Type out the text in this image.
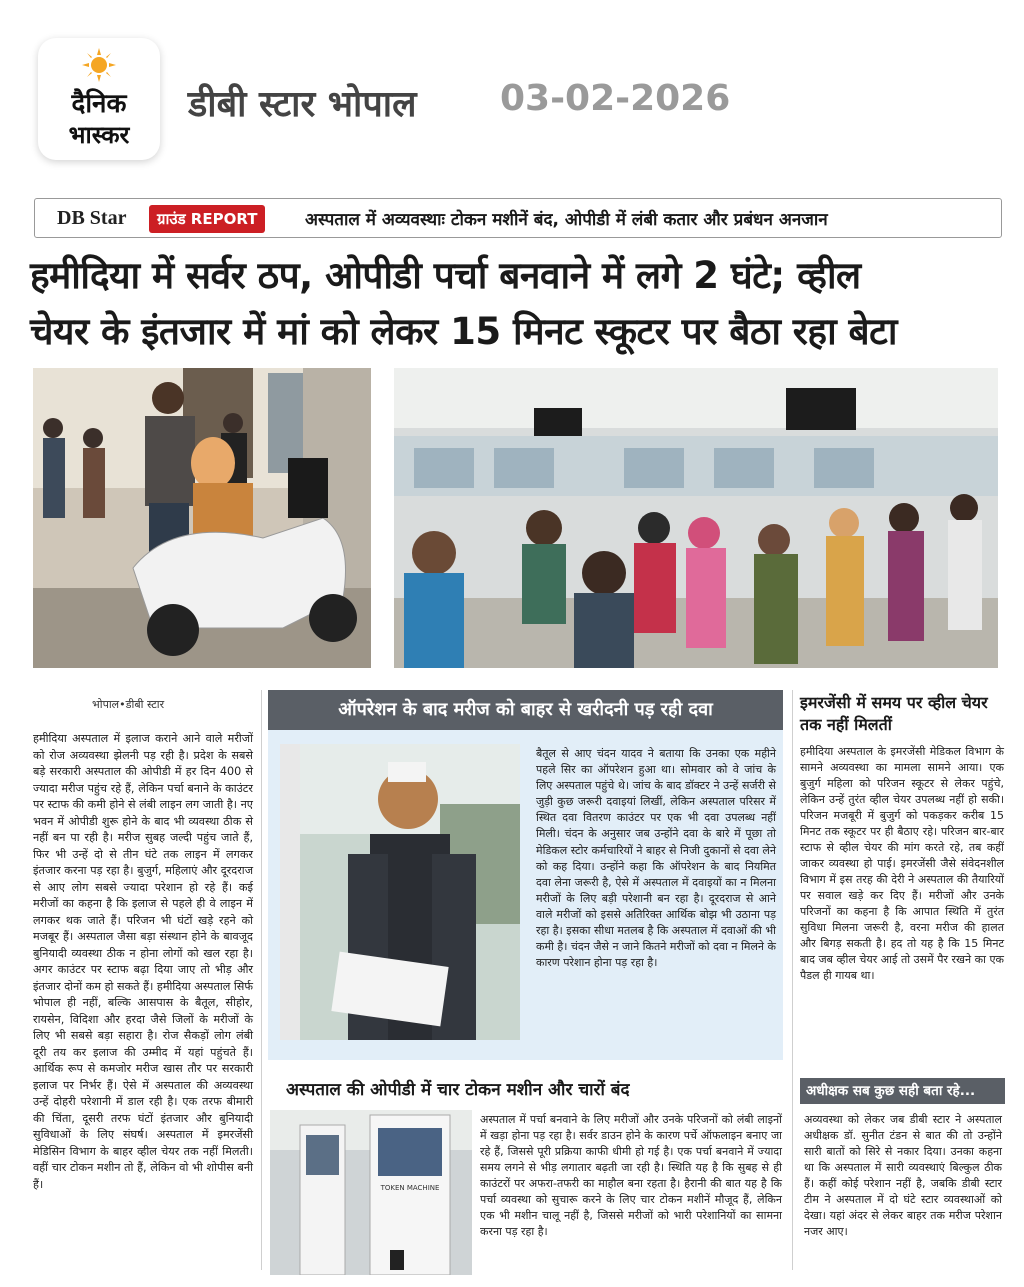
दैनिक
भास्कर
डीबी स्टार भोपाल 03-02-2026
DB Star	ग्राउंड REPORT	अस्पताल में अव्यवस्थाः टोकन मशीनें बंद, ओपीडी में लंबी कतार और प्रबंधन अनजान
हमीदिया में सर्वर ठप, ओपीडी पर्चा बनवाने में लगे 2 घंटे; व्हील
चेयर के इंतजार में मां को लेकर 15 मिनट स्कूटर पर बैठा रहा बेटा
भोपाल•डीबी स्टार
हमीदिया अस्पताल में इलाज कराने आने वाले मरीजों को रोज अव्यवस्था झेलनी पड़ रही है। प्रदेश के सबसे बड़े सरकारी अस्पताल की ओपीडी में हर दिन 400 से ज्यादा मरीज पहुंच रहे हैं, लेकिन पर्चा बनाने के काउंटर पर स्टाफ की कमी होने से लंबी लाइन लग जाती है। नए भवन में ओपीडी शुरू होने के बाद भी व्यवस्था ठीक से नहीं बन पा रही है। मरीज सुबह जल्दी पहुंच जाते हैं, फिर भी उन्हें दो से तीन घंटे तक लाइन में लगकर इंतजार करना पड़ रहा है। बुजुर्ग, महिलाएं और दूरदराज से आए लोग सबसे ज्यादा परेशान हो रहे हैं। कई मरीजों का कहना है कि इलाज से पहले ही वे लाइन में लगकर थक जाते हैं। परिजन भी घंटों खड़े रहने को मजबूर हैं। अस्पताल जैसा बड़ा संस्थान होने के बावजूद बुनियादी व्यवस्था ठीक न होना लोगों को खल रहा है। अगर काउंटर पर स्टाफ बढ़ा दिया जाए तो भीड़ और इंतजार दोनों कम हो सकते हैं। हमीदिया अस्पताल सिर्फ भोपाल ही नहीं, बल्कि आसपास के बैतूल, सीहोर, रायसेन, विदिशा और हरदा जैसे जिलों के मरीजों के लिए भी सबसे बड़ा सहारा है। रोज सैकड़ों लोग लंबी दूरी तय कर इलाज की उम्मीद में यहां पहुंचते हैं। आर्थिक रूप से कमजोर मरीज खास तौर पर सरकारी इलाज पर निर्भर हैं। ऐसे में अस्पताल की अव्यवस्था उन्हें दोहरी परेशानी में डाल रही है। एक तरफ बीमारी की चिंता, दूसरी तरफ घंटों इंतजार और बुनियादी सुविधाओं के लिए संघर्ष। अस्पताल में इमरजेंसी मेडिसिन विभाग के बाहर व्हील चेयर तक नहीं मिलती। वहीं चार टोकन मशीन तो हैं, लेकिन वो भी शोपीस बनी हैं।
ऑपरेशन के बाद मरीज को बाहर से खरीदनी पड़ रही दवा
बैतूल से आए चंदन यादव ने बताया कि उनका एक महीने पहले सिर का ऑपरेशन हुआ था। सोमवार को वे जांच के लिए अस्पताल पहुंचे थे। जांच के बाद डॉक्टर ने उन्हें सर्जरी से जुड़ी कुछ जरूरी दवाइयां लिखीं, लेकिन अस्पताल परिसर में स्थित दवा वितरण काउंटर पर एक भी दवा उपलब्ध नहीं मिली। चंदन के अनुसार जब उन्होंने दवा के बारे में पूछा तो मेडिकल स्टोर कर्मचारियों ने बाहर से निजी दुकानों से दवा लेने को कह दिया। उन्होंने कहा कि ऑपरेशन के बाद नियमित दवा लेना जरूरी है, ऐसे में अस्पताल में दवाइयों का न मिलना मरीजों के लिए बड़ी परेशानी बन रहा है। दूरदराज से आने वाले मरीजों को इससे अतिरिक्त आर्थिक बोझ भी उठाना पड़ रहा है। इसका सीधा मतलब है कि अस्पताल में दवाओं की भी कमी है। चंदन जैसे न जाने कितने मरीजों को दवा न मिलने के कारण परेशान होना पड़ रहा है।
इमरजेंसी में समय पर व्हील चेयर तक नहीं मिलतीं
हमीदिया अस्पताल के इमरजेंसी मेडिकल विभाग के सामने अव्यवस्था का मामला सामने आया। एक बुजुर्ग महिला को परिजन स्कूटर से लेकर पहुंचे, लेकिन उन्हें तुरंत व्हील चेयर उपलब्ध नहीं हो सकी। परिजन मजबूरी में बुजुर्ग को पकड़कर करीब 15 मिनट तक स्कूटर पर ही बैठाए रहे। परिजन बार-बार स्टाफ से व्हील चेयर की मांग करते रहे, तब कहीं जाकर व्यवस्था हो पाई। इमरजेंसी जैसे संवेदनशील विभाग में इस तरह की देरी ने अस्पताल की तैयारियों पर सवाल खड़े कर दिए हैं। मरीजों और उनके परिजनों का कहना है कि आपात स्थिति में तुरंत सुविधा मिलना जरूरी है, वरना मरीज की हालत और बिगड़ सकती है। हद तो यह है कि 15 मिनट बाद जब व्हील चेयर आई तो उसमें पैर रखने का एक पैडल ही गायब था।
अस्पताल की ओपीडी में चार टोकन मशीन और चारों बंद
TOKEN MACHINE
अस्पताल में पर्चा बनवाने के लिए मरीजों और उनके परिजनों को लंबी लाइनों में खड़ा होना पड़ रहा है। सर्वर डाउन होने के कारण पर्चे ऑफलाइन बनाए जा रहे हैं, जिससे पूरी प्रक्रिया काफी धीमी हो गई है। एक पर्चा बनवाने में ज्यादा समय लगने से भीड़ लगातार बढ़ती जा रही है। स्थिति यह है कि सुबह से ही काउंटरों पर अफरा-तफरी का माहौल बना रहता है। हैरानी की बात यह है कि पर्चा व्यवस्था को सुचारू करने के लिए चार टोकन मशीनें मौजूद हैं, लेकिन एक भी मशीन चालू नहीं है, जिससे मरीजों को भारी परेशानियों का सामना करना पड़ रहा है।
अधीक्षक सब कुछ सही बता रहे...
अव्यवस्था को लेकर जब डीबी स्टार ने अस्पताल अधीक्षक डॉ. सुनीत टंडन से बात की तो उन्होंने सारी बातों को सिरे से नकार दिया। उनका कहना था कि अस्पताल में सारी व्यवस्थाएं बिल्कुल ठीक हैं। कहीं कोई परेशान नहीं है, जबकि डीबी स्टार टीम ने अस्पताल में दो घंटे स्टार व्यवस्थाओं को देखा। यहां अंदर से लेकर बाहर तक मरीज परेशान नजर आए।
